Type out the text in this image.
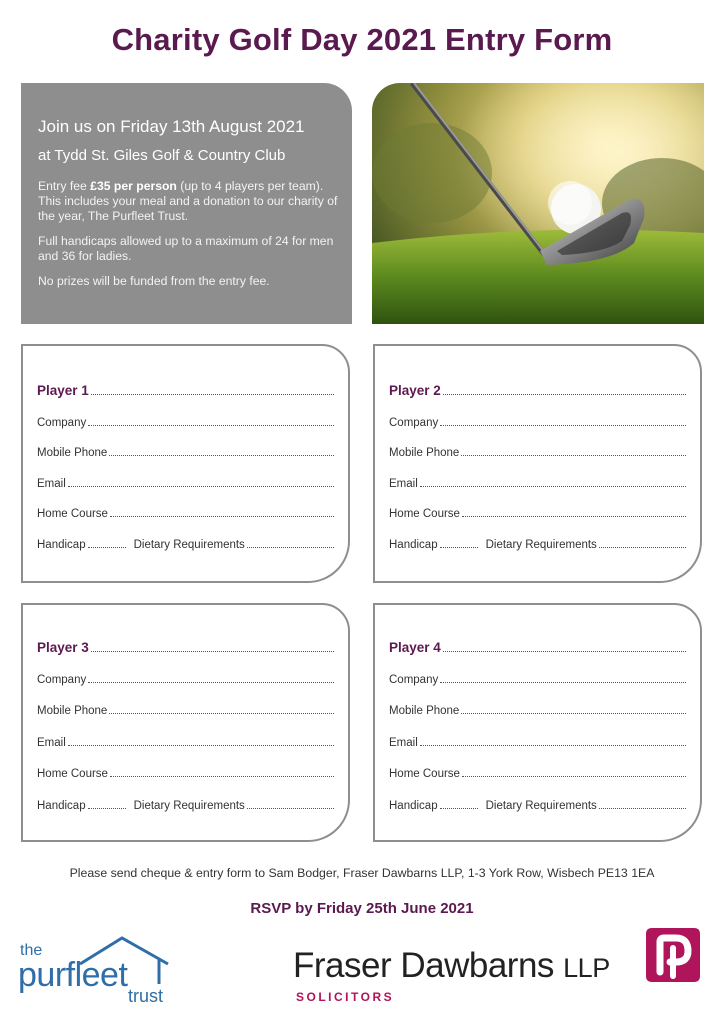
Charity Golf Day 2021 Entry Form
Join us on Friday 13th August 2021
at Tydd St. Giles Golf & Country Club

Entry fee £35 per person (up to 4 players per team). This includes your meal and a donation to our charity of the year, The Purfleet Trust.

Full handicaps allowed up to a maximum of 24 for men and 36 for ladies.

No prizes will be funded from the entry fee.

Player 1
Company
Mobile Phone
Email
Home Course
Handicap	Dietary Requirements
Player 2
Company
Mobile Phone
Email
Home Course
Handicap	Dietary Requirements
Player 3
Company
Mobile Phone
Email
Home Course
Handicap	Dietary Requirements
Player 4
Company
Mobile Phone
Email
Home Course
Handicap	Dietary Requirements
Please send cheque & entry form to Sam Bodger, Fraser Dawbarns LLP, 1-3 York Row, Wisbech PE13 1EA
RSVP by Friday 25th June 2021
the
purfleet
trust
Fraser Dawbarns LLP
SOLICITORS
